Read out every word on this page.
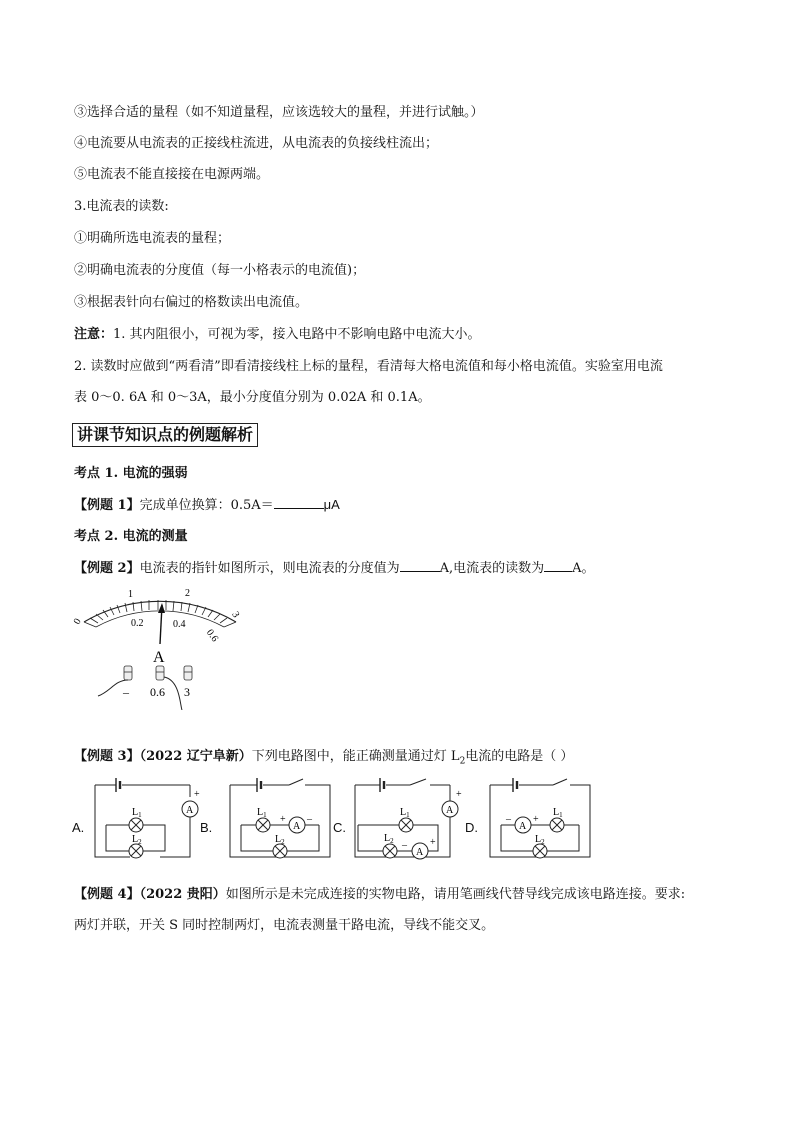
③选择合适的量程（如不知道量程，应该选较大的量程，并进行试触。）
④电流要从电流表的正接线柱流进，从电流表的负接线柱流出；
⑤电流表不能直接接在电源两端。
3.电流表的读数:
①明确所选电流表的量程；
②明确电流表的分度值（每一小格表示的电流值)；
③根据表针向右偏过的格数读出电流值。
注意：1. 其内阻很小，可视为零，接入电路中不影响电路中电流大小。
2. 读数时应做到“两看清”即看清接线柱上标的量程，看清每大格电流值和每小格电流值。实验室用电流
表 0～0. 6A 和 0～3A，最小分度值分别为 0.02A 和 0.1A。
讲课节知识点的例题解析
考点 1. 电流的强弱
【例题 1】完成单位换算：0.5A＝	μA
考点 2. 电流的测量
【例题 2】电流表的指针如图所示，则电流表的分度值为	A,电流表的读数为 A。
0
1	2
3
0.2	0.4
0.6
A
– 0.6 3
【例题 3】（2022 辽宁阜新）下列电路图中，能正确测量通过灯 $L_2$电流的电路是（ ）
A
+
$L_1$
$L_2$
A.	B.	A
+ –
$L_1$
$L_2$
C.
A
A
+
– +
$L_1$
$L_2$
D.	A
– +
$L_1$
$L_2$
【例题 4】（2022 贵阳）如图所示是未完成连接的实物电路，请用笔画线代替导线完成该电路连接。要求:
两灯并联，开关 S 同时控制两灯，电流表测量干路电流，导线不能交叉。
